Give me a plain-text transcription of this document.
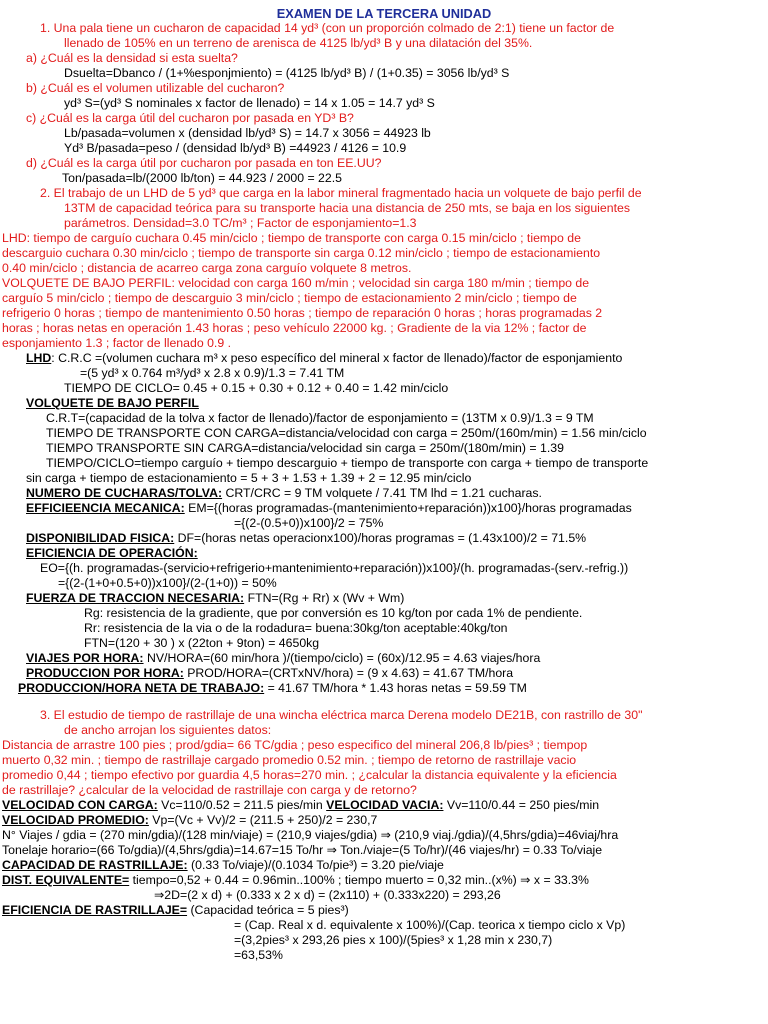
EXAMEN DE LA TERCERA UNIDAD
1. Una pala tiene un cucharon de capacidad 14 yd³ (con un proporción colmado de 2:1) tiene un factor de
llenado de 105% en un terreno de arenisca de 4125 lb/yd³ B y una dilatación del 35%.
a) ¿Cuál es la densidad si esta suelta?
Dsuelta=Dbanco / (1+%esponjmiento) = (4125 lb/yd³ B) / (1+0.35) = 3056 lb/yd³ S
b) ¿Cuál es el volumen utilizable del cucharon?
yd³ S=(yd³ S nominales x factor de llenado) = 14 x 1.05 = 14.7 yd³ S
c) ¿Cuál es la carga útil del cucharon por pasada en YD³ B?
Lb/pasada=volumen x (densidad lb/yd³ S) = 14.7 x 3056 = 44923 lb
Yd³ B/pasada=peso / (densidad lb/yd³ B) =44923 / 4126 = 10.9
d) ¿Cuál es la carga útil por cucharon por pasada en ton EE.UU?
Ton/pasada=lb/(2000 lb/ton) = 44.923 / 2000 = 22.5
2. El trabajo de un LHD de 5 yd³ que carga en la labor mineral fragmentado hacia un volquete de bajo perfil de
13TM de capacidad teórica para su transporte hacia una distancia de 250 mts, se baja en los siguientes
parámetros. Densidad=3.0 TC/m³ ; Factor de esponjamiento=1.3
LHD: tiempo de carguío cuchara 0.45 min/ciclo ; tiempo de transporte con carga 0.15 min/ciclo ; tiempo de
descarguio cuchara 0.30 min/ciclo ; tiempo de transporte sin carga 0.12 min/ciclo ; tiempo de estacionamiento
0.40 min/ciclo ; distancia de acarreo carga zona carguío volquete 8 metros.
VOLQUETE DE BAJO PERFIL: velocidad con carga 160 m/min ; velocidad sin carga 180 m/min ; tiempo de
carguío 5 min/ciclo ; tiempo de descarguio 3 min/ciclo ; tiempo de estacionamiento 2 min/ciclo ; tiempo de
refrigerio 0 horas ; tiempo de mantenimiento 0.50 horas ; tiempo de reparación 0 horas ; horas programadas 2
horas ; horas netas en operación 1.43 horas ; peso vehículo 22000 kg. ; Gradiente de la via 12% ; factor de
esponjamiento 1.3 ; factor de llenado 0.9 .
LHD: C.R.C =(volumen cuchara m³ x peso específico del mineral x factor de llenado)/factor de esponjamiento
=(5 yd³ x 0.764 m³/yd³ x 2.8 x 0.9)/1.3 = 7.41 TM
TIEMPO DE CICLO= 0.45 + 0.15 + 0.30 + 0.12 + 0.40 = 1.42 min/ciclo
VOLQUETE DE BAJO PERFIL
C.R.T=(capacidad de la tolva x factor de llenado)/factor de esponjamiento = (13TM x 0.9)/1.3 = 9 TM
TIEMPO DE TRANSPORTE CON CARGA=distancia/velocidad con carga = 250m/(160m/min) = 1.56 min/ciclo
TIEMPO TRANSPORTE SIN CARGA=distancia/velocidad sin carga = 250m/(180m/min) = 1.39
TIEMPO/CICLO=tiempo carguío + tiempo descarguio + tiempo de transporte con carga + tiempo de transporte
sin carga + tiempo de estacionamiento = 5 + 3 + 1.53 + 1.39 + 2 = 12.95 min/ciclo
NUMERO DE CUCHARAS/TOLVA: CRT/CRC = 9 TM volquete / 7.41 TM lhd = 1.21 cucharas.
EFFICIEENCIA MECANICA: EM={(horas programadas-(mantenimiento+reparación))x100}/horas programadas
={(2-(0.5+0))x100}/2 = 75%
DISPONIBILIDAD FISICA: DF=(horas netas operacionx100)/horas programas = (1.43x100)/2 = 71.5%
EFICIENCIA DE OPERACIÓN:
EO={(h. programadas-(servicio+refrigerio+mantenimiento+reparación))x100}/(h. programadas-(serv.-refrig.))
={(2-(1+0+0.5+0))x100}/(2-(1+0)) = 50%
FUERZA DE TRACCION NECESARIA: FTN=(Rg + Rr) x (Wv + Wm)
Rg: resistencia de la gradiente, que por conversión es 10 kg/ton por cada 1% de pendiente.
Rr: resistencia de la via o de la rodadura= buena:30kg/ton aceptable:40kg/ton
FTN=(120 + 30 ) x (22ton + 9ton) = 4650kg
VIAJES POR HORA: NV/HORA=(60 min/hora )/(tiempo/ciclo) = (60x)/12.95 = 4.63 viajes/hora
PRODUCCION POR HORA: PROD/HORA=(CRTxNV/hora) = (9 x 4.63) = 41.67 TM/hora
PRODUCCION/HORA NETA DE TRABAJO: = 41.67 TM/hora * 1.43 horas netas = 59.59 TM
3. El estudio de tiempo de rastrillaje de una wincha eléctrica marca Derena modelo DE21B, con rastrillo de 30"
de ancho arrojan los siguientes datos:
Distancia de arrastre 100 pies ; prod/gdia= 66 TC/gdia ; peso especifico del mineral 206,8 lb/pies³ ; tiempop
muerto 0,32 min. ; tiempo de rastrillaje cargado promedio 0.52 min. ; tiempo de retorno de rastrillaje vacio
promedio 0,44 ; tiempo efectivo por guardia 4,5 horas=270 min. ; ¿calcular la distancia equivalente y la eficiencia
de rastrillaje? ¿calcular de la velocidad de rastrillaje con carga y de retorno?
VELOCIDAD CON CARGA: Vc=110/0.52 = 211.5 pies/min VELOCIDAD VACIA: Vv=110/0.44 = 250 pies/min
VELOCIDAD PROMEDIO: Vp=(Vc + Vv)/2 = (211.5 + 250)/2 = 230,7
N° Viajes / gdia = (270 min/gdia)/(128 min/viaje) = (210,9 viajes/gdia) ⇒ (210,9 viaj./gdia)/(4,5hrs/gdia)=46viaj/hra
Tonelaje horario=(66 To/gdia)/(4,5hrs/gdia)=14.67=15 To/hr ⇒ Ton./viaje=(5 To/hr)/(46 viajes/hr) = 0.33 To/viaje
CAPACIDAD DE RASTRILLAJE: (0.33 To/viaje)/(0.1034 To/pie³) = 3.20 pie/viaje
DIST. EQUIVALENTE= tiempo=0,52 + 0.44 = 0.96min..100% ; tiempo muerto = 0,32 min..(x%) ⇒ x = 33.3%
⇒2D=(2 x d) + (0.333 x 2 x d) = (2x110) + (0.333x220) = 293,26
EFICIENCIA DE RASTRILLAJE= (Capacidad teórica = 5 pies³)
= (Cap. Real x d. equivalente x 100%)/(Cap. teorica x tiempo ciclo x Vp)
=(3,2pies³ x 293,26 pies x 100)/(5pies³ x 1,28 min x 230,7)
=63,53%
